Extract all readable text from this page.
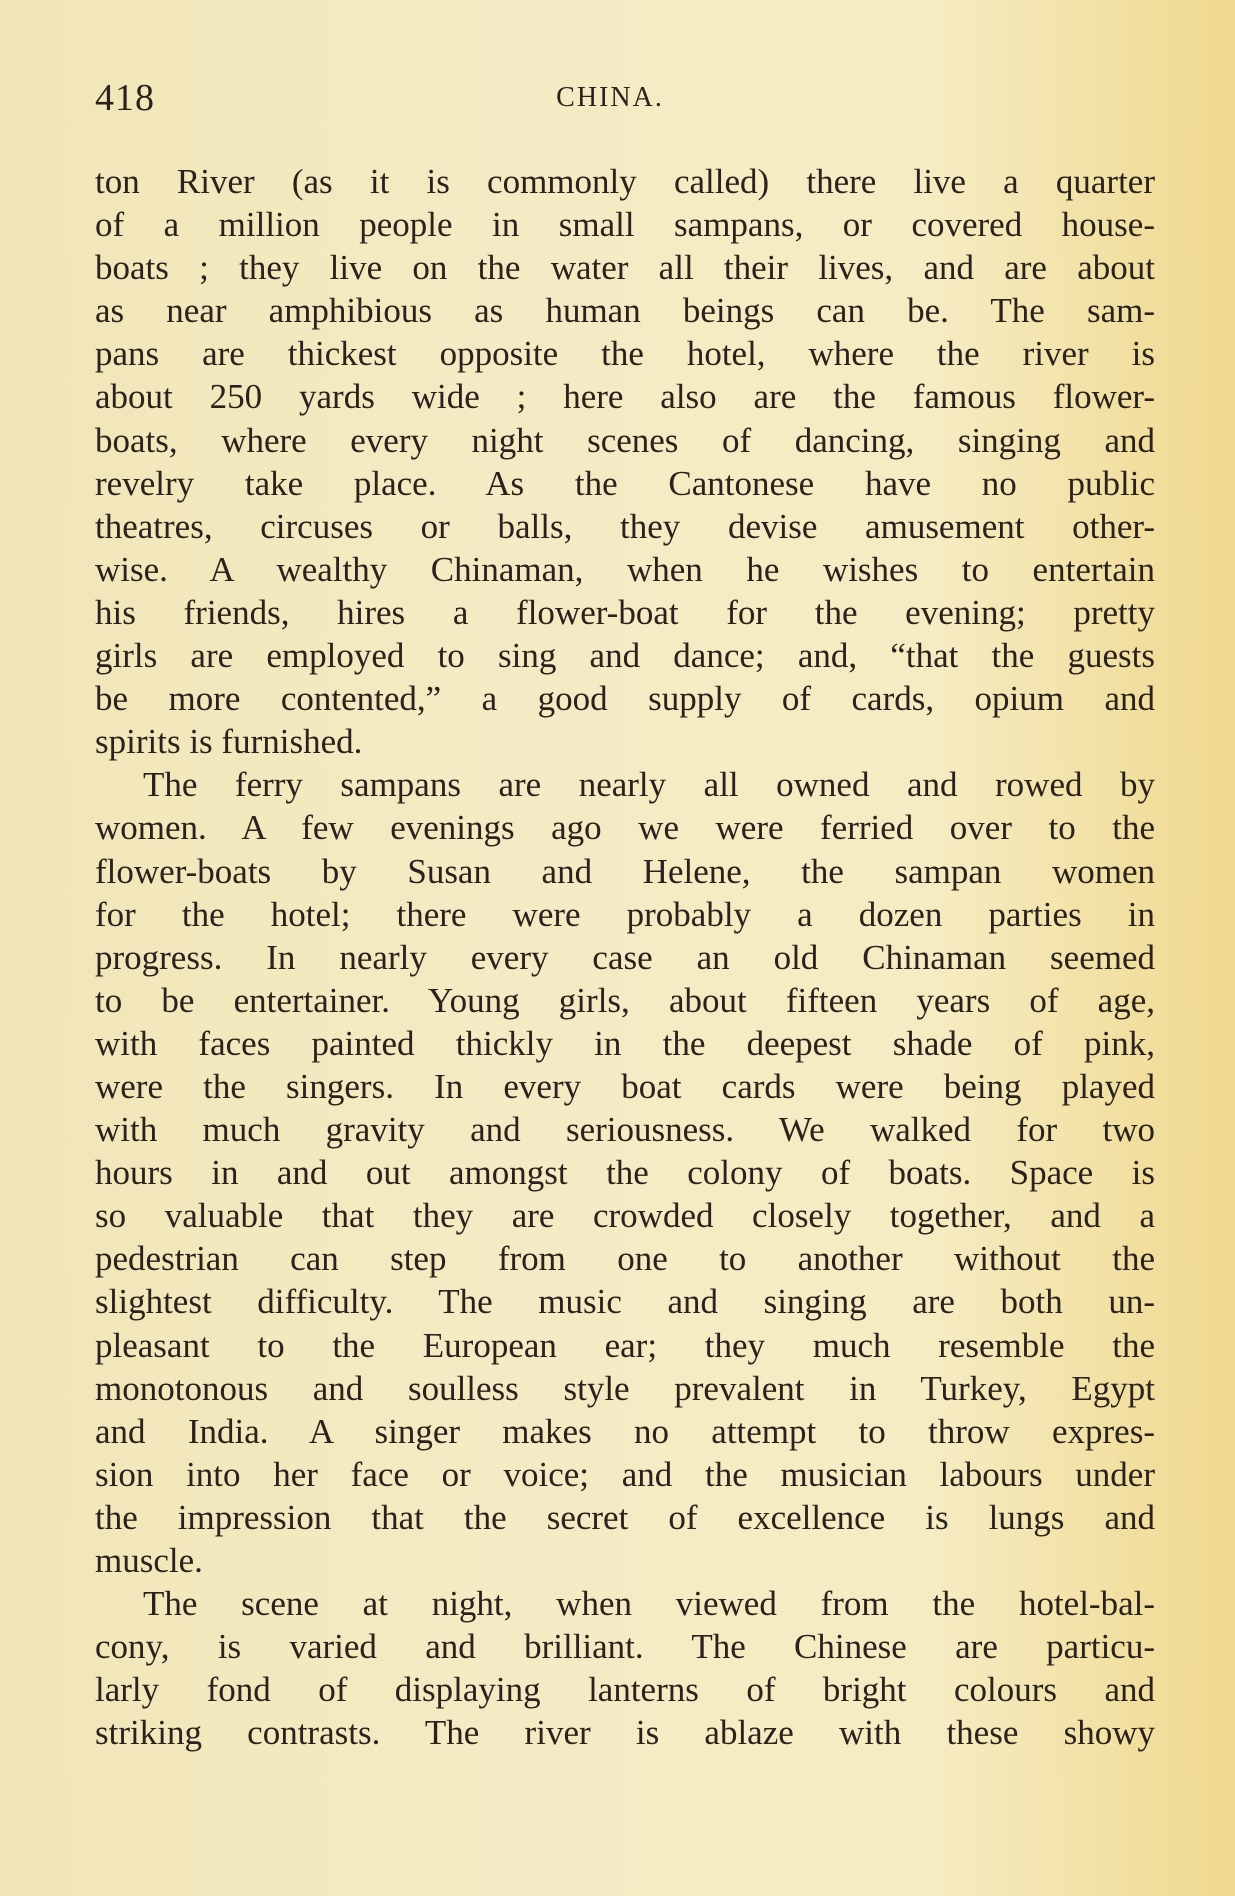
418	CHINA.
ton River (as it is commonly called) there live a quarter
of a million people in small sampans, or covered house-
boats ; they live on the water all their lives, and are about
as near amphibious as human beings can be. The sam-
pans are thickest opposite the hotel, where the river is
about 250 yards wide ; here also are the famous flower-
boats, where every night scenes of dancing, singing and
revelry take place. As the Cantonese have no public
theatres, circuses or balls, they devise amusement other-
wise. A wealthy Chinaman, when he wishes to entertain
his friends, hires a flower-boat for the evening; pretty
girls are employed to sing and dance; and, “that the guests
be more contented,” a good supply of cards, opium and
spirits is furnished.
The ferry sampans are nearly all owned and rowed by
women. A few evenings ago we were ferried over to the
flower-boats by Susan and Helene, the sampan women
for the hotel; there were probably a dozen parties in
progress. In nearly every case an old Chinaman seemed
to be entertainer. Young girls, about fifteen years of age,
with faces painted thickly in the deepest shade of pink,
were the singers. In every boat cards were being played
with much gravity and seriousness. We walked for two
hours in and out amongst the colony of boats. Space is
so valuable that they are crowded closely together, and a
pedestrian can step from one to another without the
slightest difficulty. The music and singing are both un-
pleasant to the European ear; they much resemble the
monotonous and soulless style prevalent in Turkey, Egypt
and India. A singer makes no attempt to throw expres-
sion into her face or voice; and the musician labours under
the impression that the secret of excellence is lungs and
muscle.
The scene at night, when viewed from the hotel-bal-
cony, is varied and brilliant. The Chinese are particu-
larly fond of displaying lanterns of bright colours and
striking contrasts. The river is ablaze with these showy
